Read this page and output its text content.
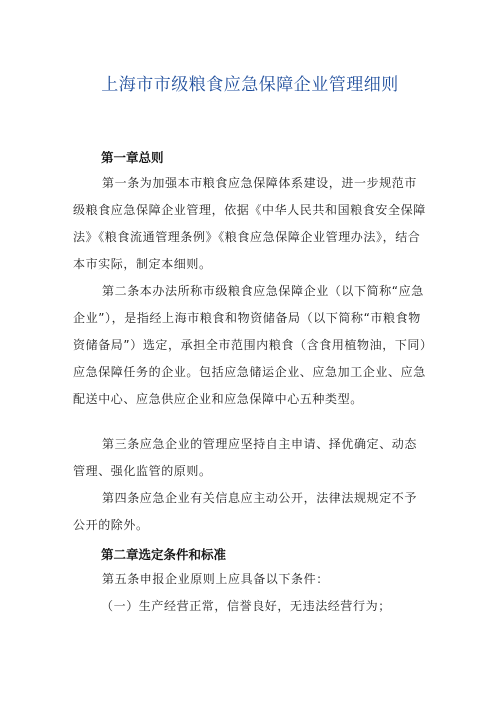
上海市市级粮食应急保障企业管理细则
第一章总则

第一条为加强本市粮食应急保障体系建设，进一步规范市级粮食应急保障企业管理，依据《中华人民共和国粮食安全保障法》《粮食流通管理条例》《粮食应急保障企业管理办法》，结合本市实际，制定本细则。

第二条本办法所称市级粮食应急保障企业（以下简称“应急企业”），是指经上海市粮食和物资储备局（以下简称“市粮食物资储备局”）选定，承担全市范围内粮食（含食用植物油，下同）应急保障任务的企业。包括应急储运企业、应急加工企业、应急配送中心、应急供应企业和应急保障中心五种类型。

第三条应急企业的管理应坚持自主申请、择优确定、动态管理、强化监管的原则。

第四条应急企业有关信息应主动公开，法律法规规定不予公开的除外。

第二章选定条件和标准

第五条申报企业原则上应具备以下条件：

（一）生产经营正常，信誉良好，无违法经营行为；
